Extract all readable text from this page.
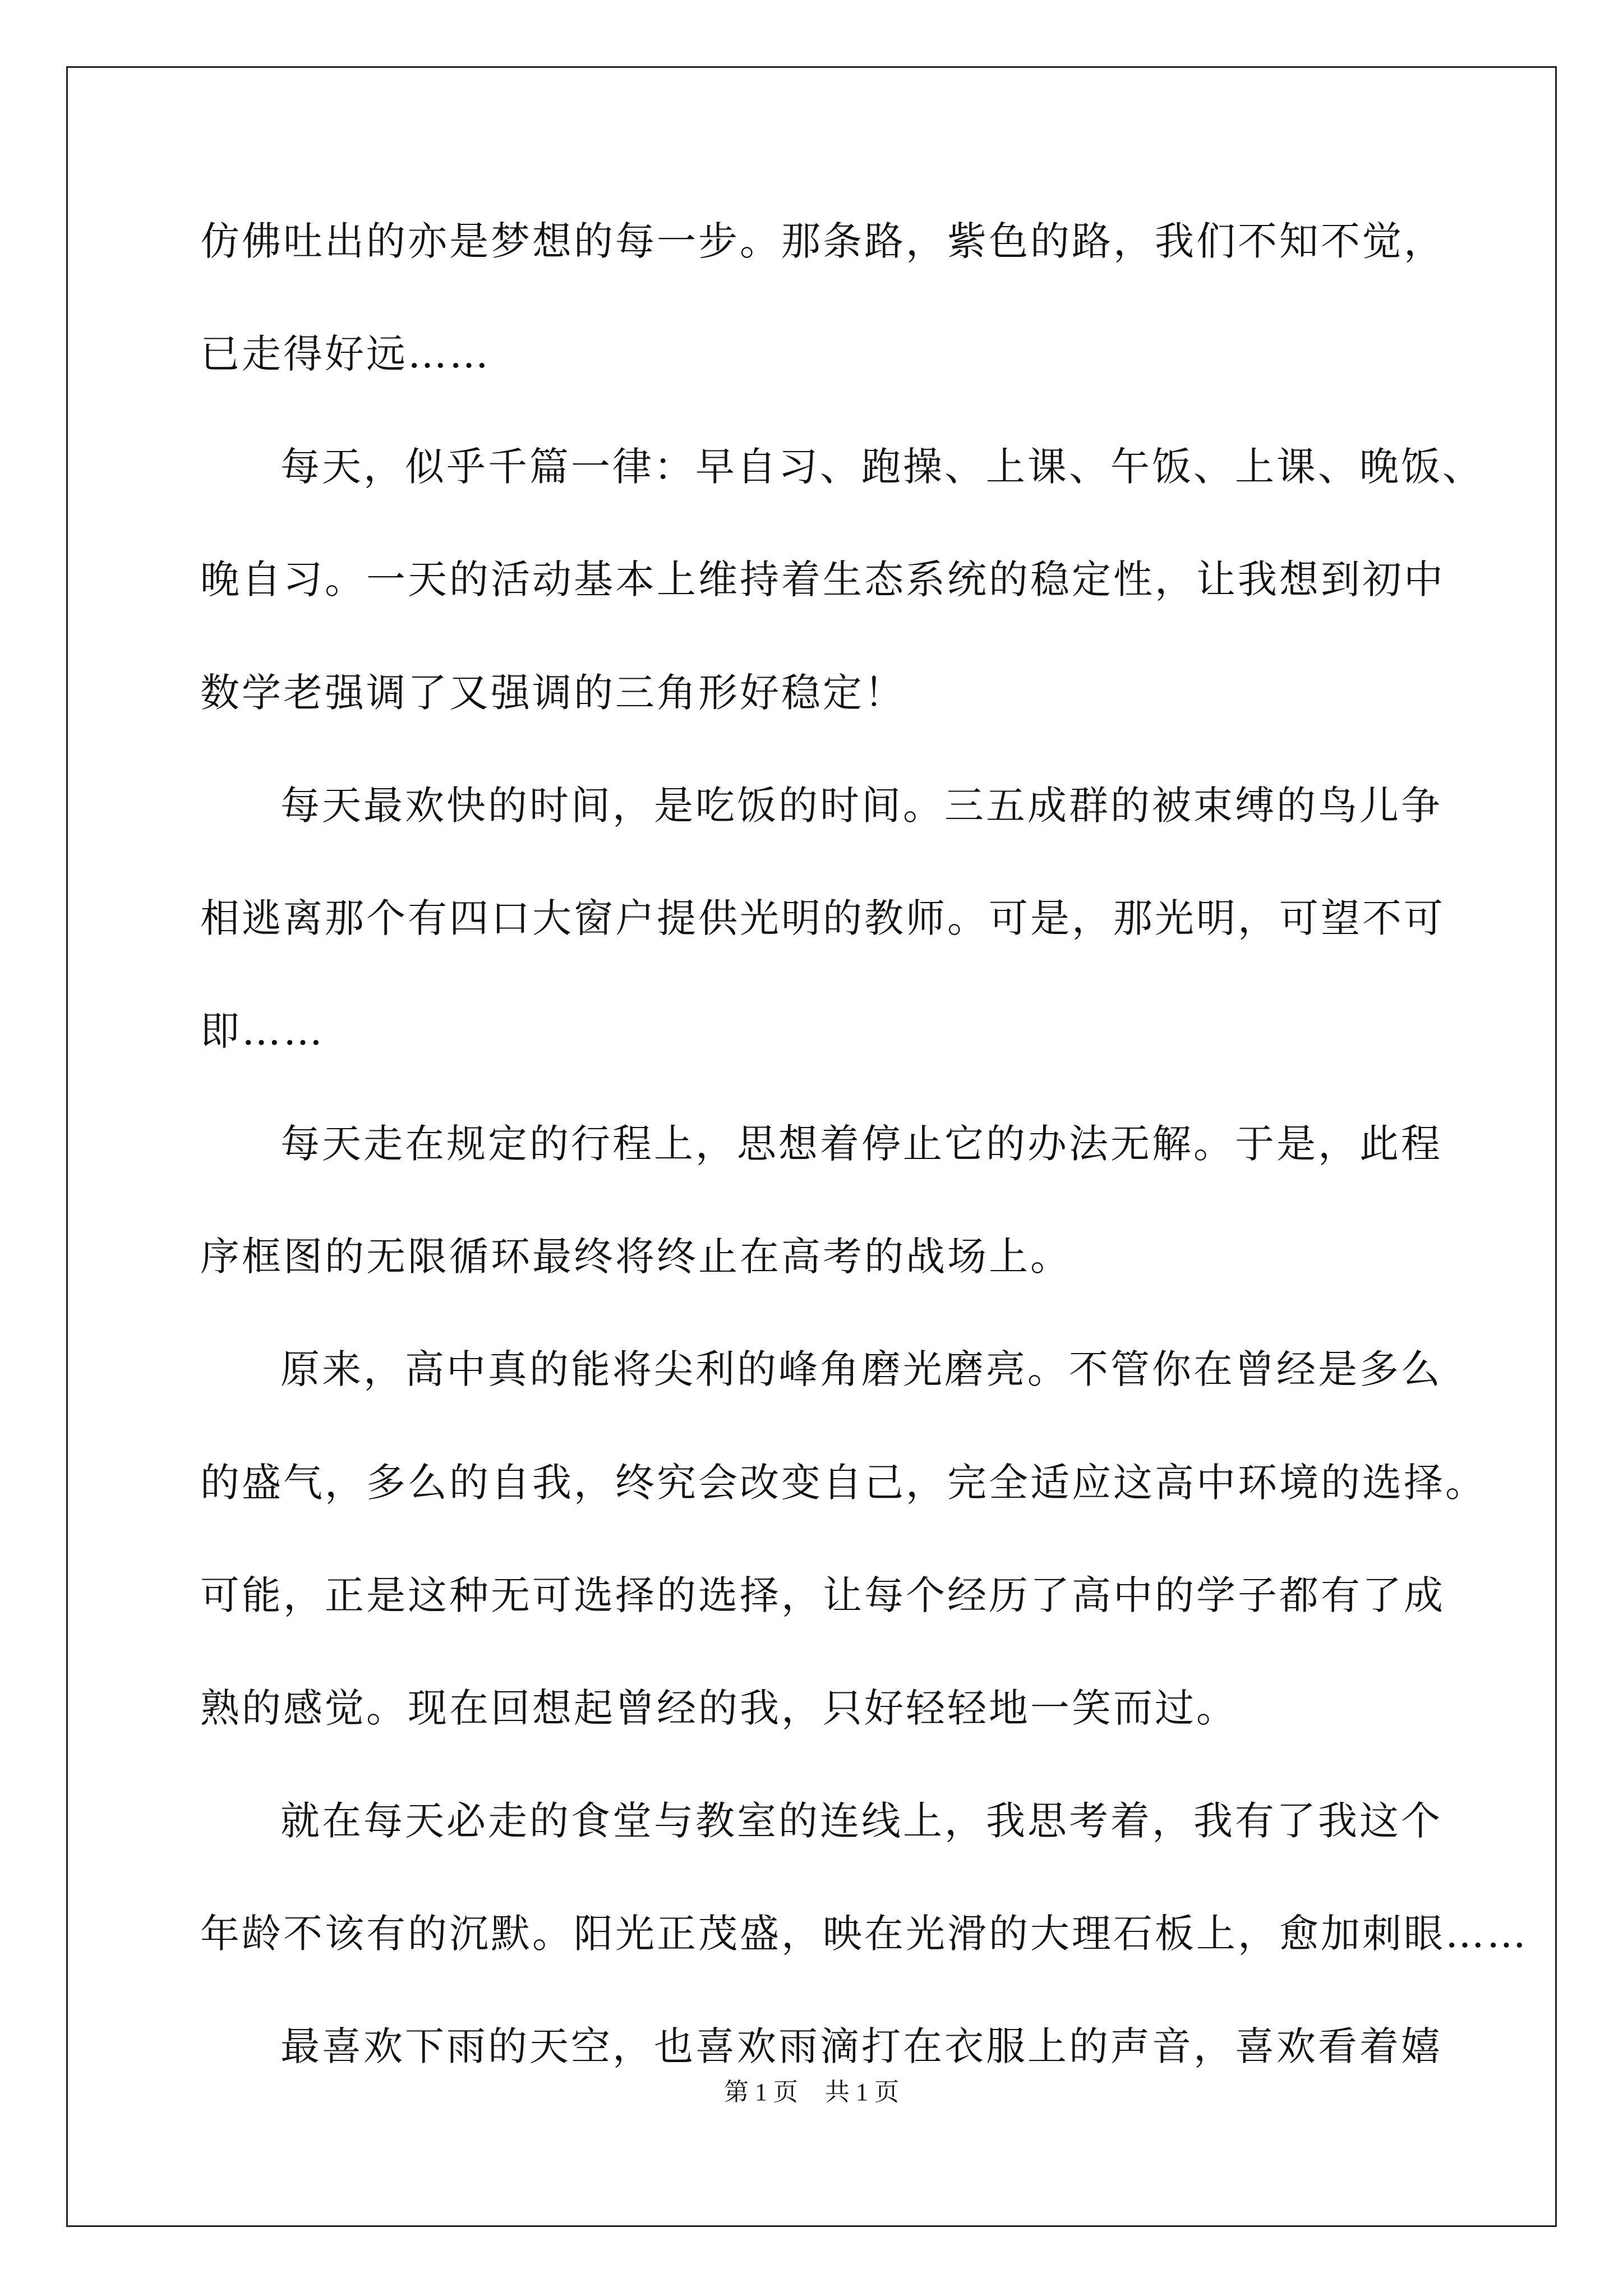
仿佛吐出的亦是梦想的每一步。那条路，紫色的路，我们不知不觉，
已走得好远……
每天，似乎千篇一律：早自习、跑操、上课、午饭、上课、晚饭、
晚自习。一天的活动基本上维持着生态系统的稳定性，让我想到初中
数学老强调了又强调的三角形好稳定！
每天最欢快的时间，是吃饭的时间。三五成群的被束缚的鸟儿争
相逃离那个有四口大窗户提供光明的教师。可是，那光明，可望不可
即……
每天走在规定的行程上，思想着停止它的办法无解。于是，此程
序框图的无限循环最终将终止在高考的战场上。
原来，高中真的能将尖利的峰角磨光磨亮。不管你在曾经是多么
的盛气，多么的自我，终究会改变自己，完全适应这高中环境的选择。
可能，正是这种无可选择的选择，让每个经历了高中的学子都有了成
熟的感觉。现在回想起曾经的我，只好轻轻地一笑而过。
就在每天必走的食堂与教室的连线上，我思考着，我有了我这个
年龄不该有的沉默。阳光正茂盛，映在光滑的大理石板上，愈加刺眼……
最喜欢下雨的天空，也喜欢雨滴打在衣服上的声音，喜欢看着嬉
第 1 页 共 1 页
